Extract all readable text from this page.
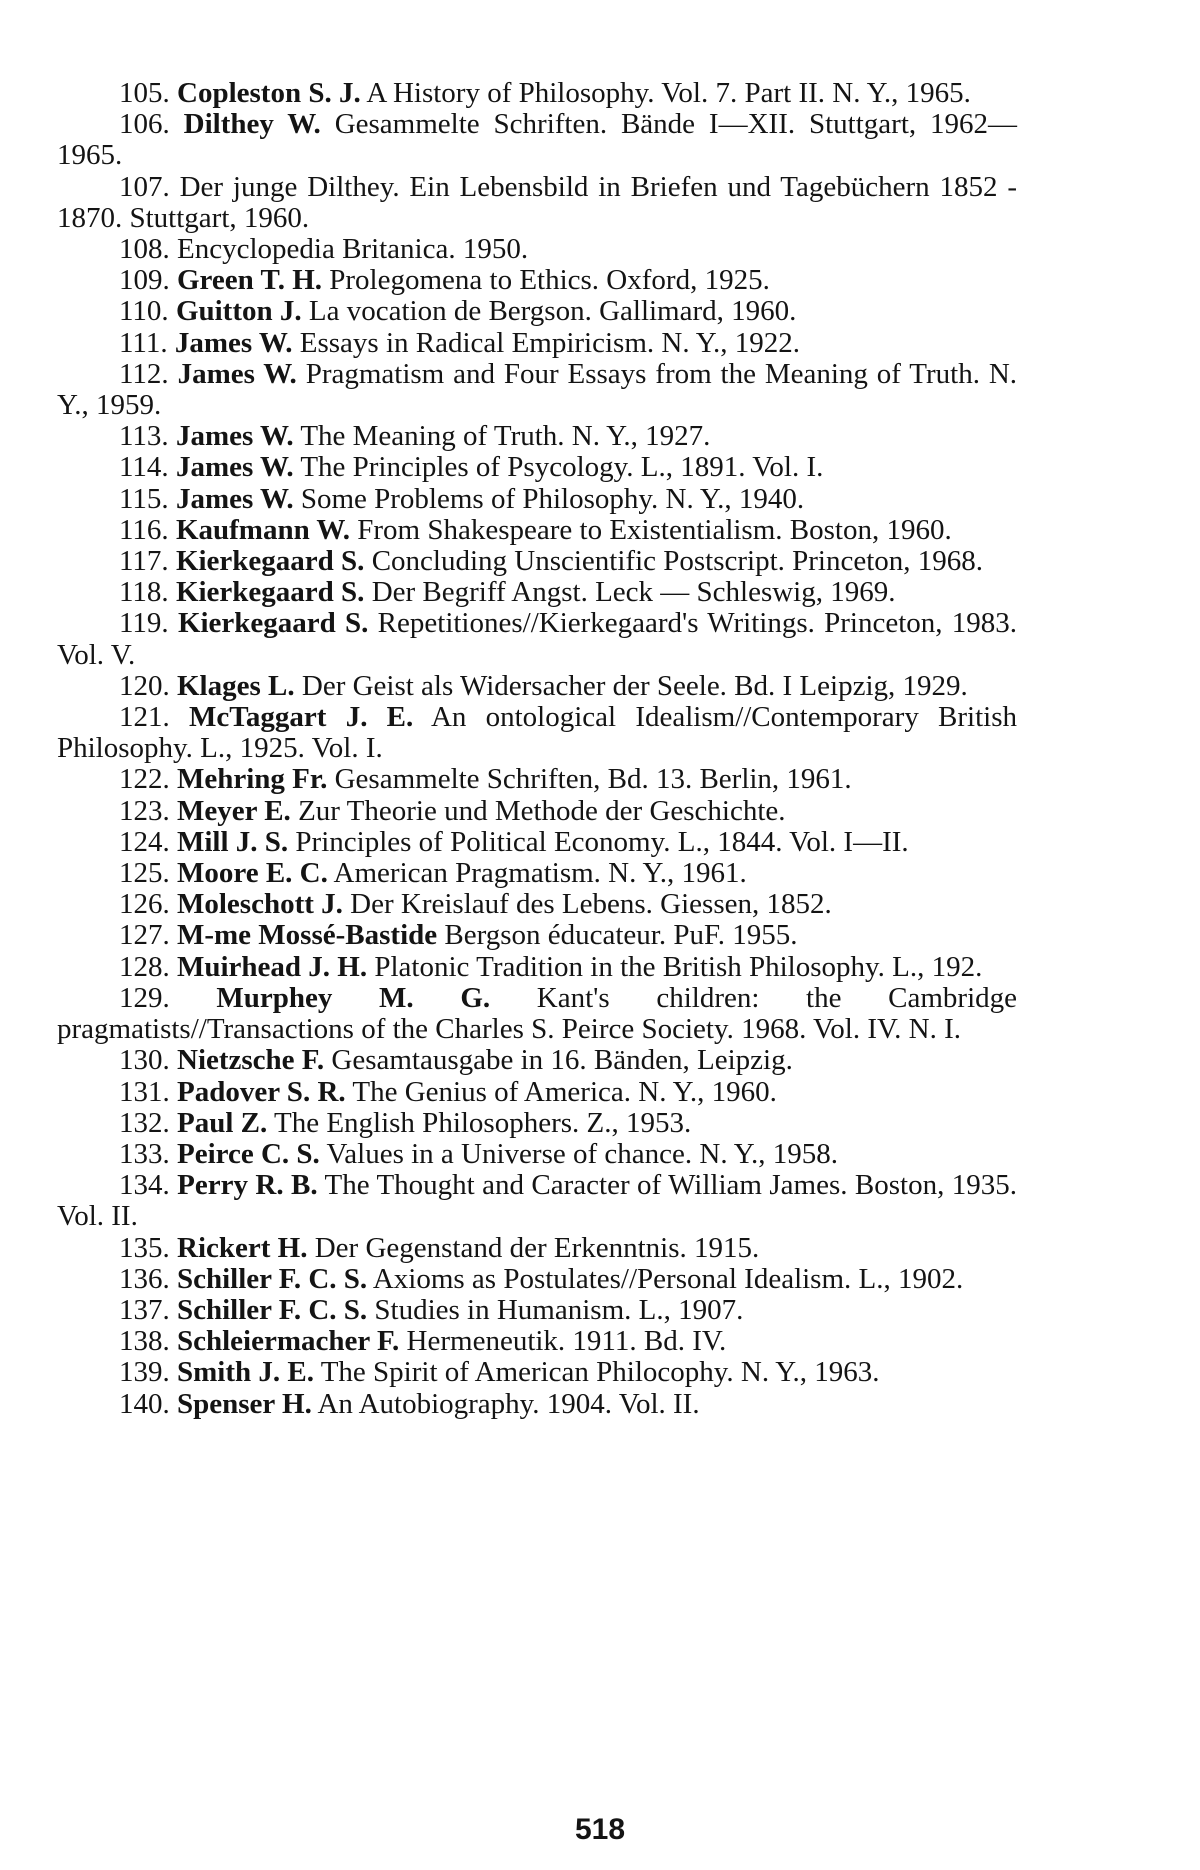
105. Copleston S. J. A History of Philosophy. Vol. 7. Part II. N. Y., 1965.

106. Dilthey W. Gesammelte Schriften. Bände I—XII. Stuttgart, 1962—1965.

107. Der junge Dilthey. Ein Lebensbild in Briefen und Tagebüchern 1852 - 1870. Stuttgart, 1960.

108. Encyclopedia Britanica. 1950.

109. Green T. H. Prolegomena to Ethics. Oxford, 1925.

110. Guitton J. La vocation de Bergson. Gallimard, 1960.

111. James W. Essays in Radical Empiricism. N. Y., 1922.

112. James W. Pragmatism and Four Essays from the Meaning of Truth. N. Y., 1959.

113. James W. The Meaning of Truth. N. Y., 1927.

114. James W. The Principles of Psycology. L., 1891. Vol. I.

115. James W. Some Problems of Philosophy. N. Y., 1940.

116. Kaufmann W. From Shakespeare to Existentialism. Boston, 1960.

117. Kierkegaard S. Concluding Unscientific Postscript. Princeton, 1968.

118. Kierkegaard S. Der Begriff Angst. Leck — Schleswig, 1969.

119. Kierkegaard S. Repetitiones//Kierkegaard's Writings. Princeton, 1983. Vol. V.

120. Klages L. Der Geist als Widersacher der Seele. Bd. I Leipzig, 1929.

121. McTaggart J. E. An ontological Idealism//Contemporary British Philosophy. L., 1925. Vol. I.

122. Mehring Fr. Gesammelte Schriften, Bd. 13. Berlin, 1961.

123. Meyer E. Zur Theorie und Methode der Geschichte.

124. Mill J. S. Principles of Political Economy. L., 1844. Vol. I—II.

125. Moore E. C. American Pragmatism. N. Y., 1961.

126. Moleschott J. Der Kreislauf des Lebens. Giessen, 1852.

127. M-me Mossé-Bastide Bergson éducateur. PuF. 1955.

128. Muirhead J. H. Platonic Tradition in the British Philosophy. L., 192.

129. Murphey M. G. Kant's children: the Cambridge pragmatists//Transactions of the Charles S. Peirce Society. 1968. Vol. IV. N. I.

130. Nietzsche F. Gesamtausgabe in 16. Bänden, Leipzig.

131. Padover S. R. The Genius of America. N. Y., 1960.

132. Paul Z. The English Philosophers. Z., 1953.

133. Peirce C. S. Values in a Universe of chance. N. Y., 1958.

134. Perry R. B. The Thought and Caracter of William James. Boston, 1935. Vol. II.

135. Rickert H. Der Gegenstand der Erkenntnis. 1915.

136. Schiller F. C. S. Axioms as Postulates//Personal Idealism. L., 1902.

137. Schiller F. C. S. Studies in Humanism. L., 1907.

138. Schleiermacher F. Hermeneutik. 1911. Bd. IV.

139. Smith J. E. The Spirit of American Philocophy. N. Y., 1963.

140. Spenser H. An Autobiography. 1904. Vol. II.

518
